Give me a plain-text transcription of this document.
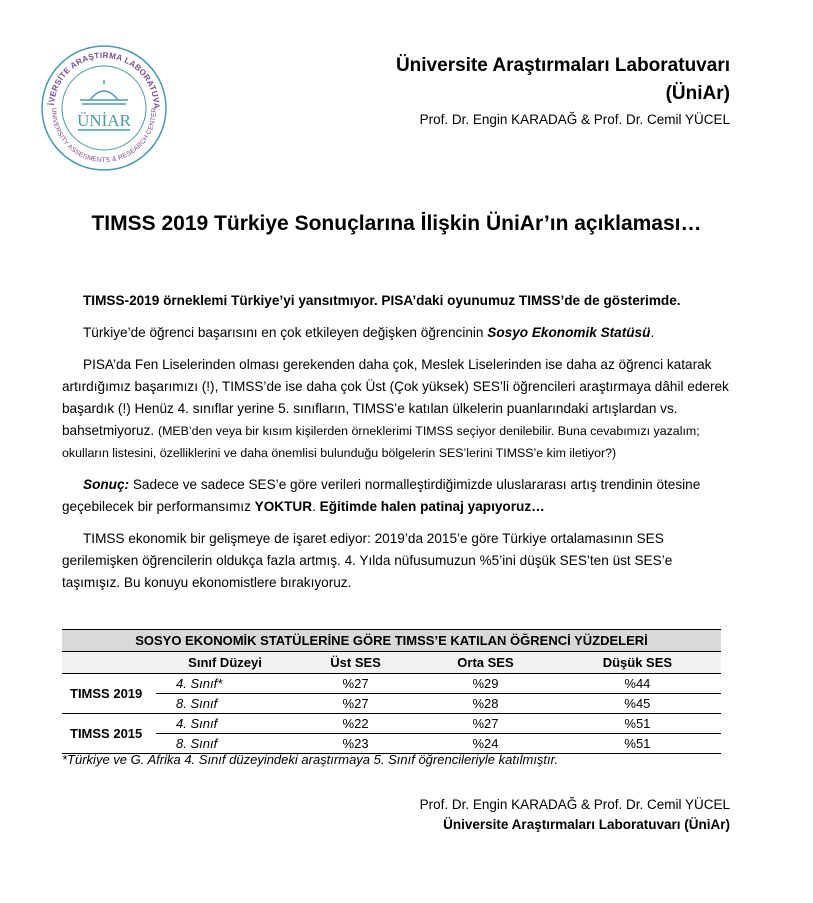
İVERSİTE ARAŞTIRMA LABORATUVA
UNIVERSITY ASSESMENTS & RESEARCH CENTER
ÜNİAR
Üniversite Araştırmaları Laboratuvarı
(ÜniAr)
Prof. Dr. Engin KARADAĞ & Prof. Dr. Cemil YÜCEL
TIMSS 2019 Türkiye Sonuçlarına İlişkin ÜniAr’ın açıklaması…

TIMSS-2019 örneklemi Türkiye’yi yansıtmıyor. PISA’daki oyunumuz TIMSS’de de gösterimde.

Türkiye’de öğrenci başarısını en çok etkileyen değişken öğrencinin Sosyo Ekonomik Statüsü.

PISA’da Fen Liselerinden olması gerekenden daha çok, Meslek Liselerinden ise daha az öğrenci katarak artırdığımız başarımızı (!), TIMSS’de ise daha çok Üst (Çok yüksek) SES’li öğrencileri araştırmaya dâhil ederek başardık (!) Henüz 4. sınıflar yerine 5. sınıfların, TIMSS’e katılan ülkelerin puanlarındaki artışlardan vs. bahsetmiyoruz. (MEB’den veya bir kısım kişilerden örneklerimi TIMSS seçiyor denilebilir. Buna cevabımızı yazalım; okulların listesini, özelliklerini ve daha önemlisi bulunduğu bölgelerin SES’lerini TIMSS’e kim iletiyor?)

Sonuç: Sadece ve sadece SES’e göre verileri normalleştirdiğimizde uluslararası artış trendinin ötesine geçebilecek bir performansımız YOKTUR. Eğitimde halen patinaj yapıyoruz…

TIMSS ekonomik bir gelişmeye de işaret ediyor: 2019’da 2015’e göre Türkiye ortalamasının SES gerilemişken öğrencilerin oldukça fazla artmış. 4. Yılda nüfusumuzun %5’ini düşük SES’ten üst SES’e taşımışız. Bu konuyu ekonomistlere bırakıyoruz.

SOSYO EKONOMİK STATÜLERİNE GÖRE TIMSS’E KATILAN ÖĞRENCİ YÜZDELERİ				
	Sınıf Düzeyi	Üst SES	Orta SES	Düşük SES
TIMSS 2019	4. Sınıf*	%27	%29	%44
	8. Sınıf	%27	%28	%45
TIMSS 2015	4. Sınıf	%22	%27	%51
	8. Sınıf	%23	%24	%51
*Türkiye ve G. Afrika 4. Sınıf düzeyindeki araştırmaya 5. Sınıf öğrencileriyle katılmıştır.
Prof. Dr. Engin KARADAĞ & Prof. Dr. Cemil YÜCEL
Üniversite Araştırmaları Laboratuvarı (ÜniAr)
